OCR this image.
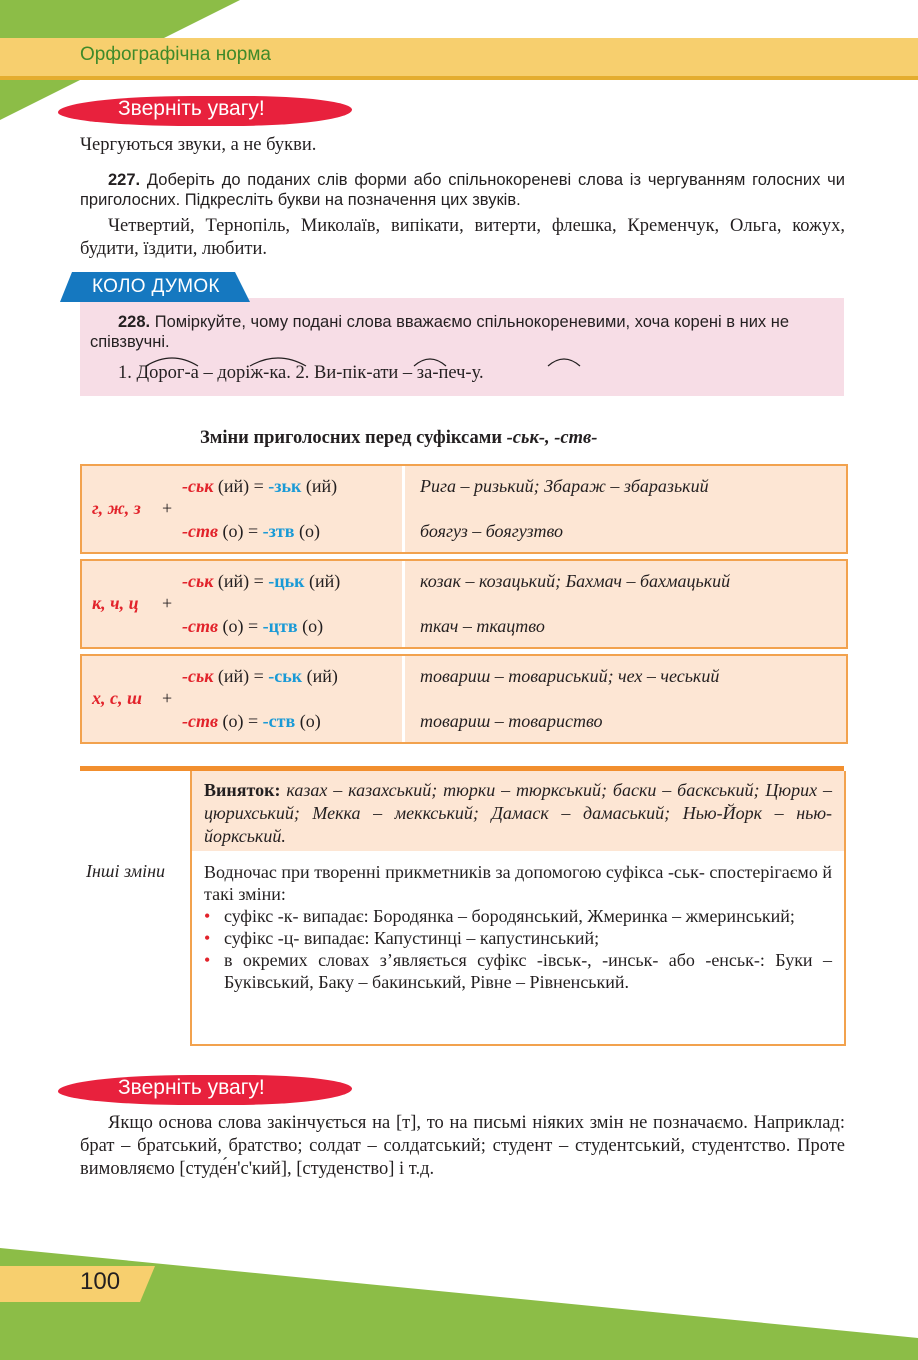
Орфографічна норма
Зверніть увагу!
Чергуються звуки, а не букви.
227. Доберіть до поданих слів форми або спільнокореневі слова із чергуванням голосних чи приголосних. Підкресліть букви на позначення цих звуків.
Четвертий, Тернопіль, Миколаїв, випікати, витерти, флешка, Кременчук, Ольга, кожух, будити, їздити, любити.
КОЛО ДУМОК
228. Поміркуйте, чому подані слова вважаємо спільнокореневими, хоча корені в них не співзвучні.
1. Дорог-а – доріж-ка. 2. Ви-пік-ати – за-печ-у.
Зміни приголосних перед суфіксами -ськ-, -ств-
-ськ (ий) = -зьк (ий)
г, ж, з +
-ств (о) = -зтв (о)
Рига – ризький; Збараж – збаразький
боягуз – боягузтво
-ськ (ий) = -цьк (ий)
к, ч, ц +
-ств (о) = -цтв (о)
козак – козацький; Бахмач – бахмацький
ткач – ткацтво
-ськ (ий) = -ськ (ий)
х, с, ш +
-ств (о) = -ств (о)
товариш – товариський; чех – чеський
товариш – товариство
Інші зміни
Виняток: казах – казахський; тюрки – тюркський; баски – баскський; Цюрих – цюрихський; Мекка – меккський; Дамаск – дамаський; Нью-Йорк – нью-йоркський.
Водночас при творенні прикметників за допомогою суфікса -ськ- спостерігаємо й такі зміни:
• суфікс -к- випадає: Бородянка – бородянський, Жмеринка – жмеринський;
• суфікс -ц- випадає: Капустинці – капустинський;
• в окремих словах з’являється суфікс -івськ-, -инськ- або -енськ-: Буки – Буківський, Баку – бакинський, Рівне – Рівненський.
Зверніть увагу!
Якщо основа слова закінчується на [т], то на письмі ніяких змін не позначаємо. Наприклад: брат – братський, братство; солдат – солдатський; студент – студентський, студентство. Проте вимовляємо [студе́н'с'кий], [студенство] і т.д.
100
